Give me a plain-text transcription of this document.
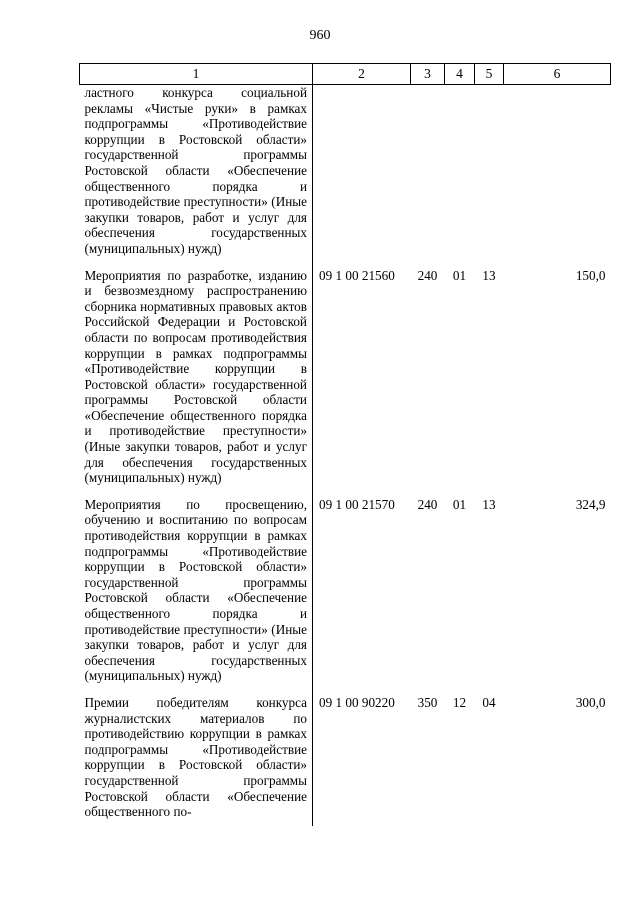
960
1	2	3	4	5	6
ластного конкурса социальной рекламы «Чистые руки» в рамках подпрограммы «Противодействие коррупции в Ростовской области» государственной программы Ростовской области «Обеспечение общественного порядка и противодействие преступности» (Иные закупки товаров, работ и услуг для обеспечения государственных (муниципальных) нужд)					
Мероприятия по разработке, изданию и безвозмездному распространению сборника нормативных правовых актов Российской Федерации и Ростовской области по вопросам противодействия коррупции в рамках подпрограммы «Противодействие коррупции в Ростовской области» государственной программы Ростовской области «Обеспечение общественного порядка и противодействие преступности» (Иные закупки товаров, работ и услуг для обеспечения государственных (муниципальных) нужд)	09 1 00 21560	240	01	13	150,0
Мероприятия по просвещению, обучению и воспитанию по вопросам противодействия коррупции в рамках подпрограммы «Противодействие коррупции в Ростовской области» государственной программы Ростовской области «Обеспечение общественного порядка и противодействие преступности» (Иные закупки товаров, работ и услуг для обеспечения государственных (муниципальных) нужд)	09 1 00 21570	240	01	13	324,9
Премии победителям конкурса журналистских материалов по противодействию коррупции в рамках подпрограммы «Противодействие коррупции в Ростовской области» государственной программы Ростовской области «Обеспечение общественного по-	09 1 00 90220	350	12	04	300,0
